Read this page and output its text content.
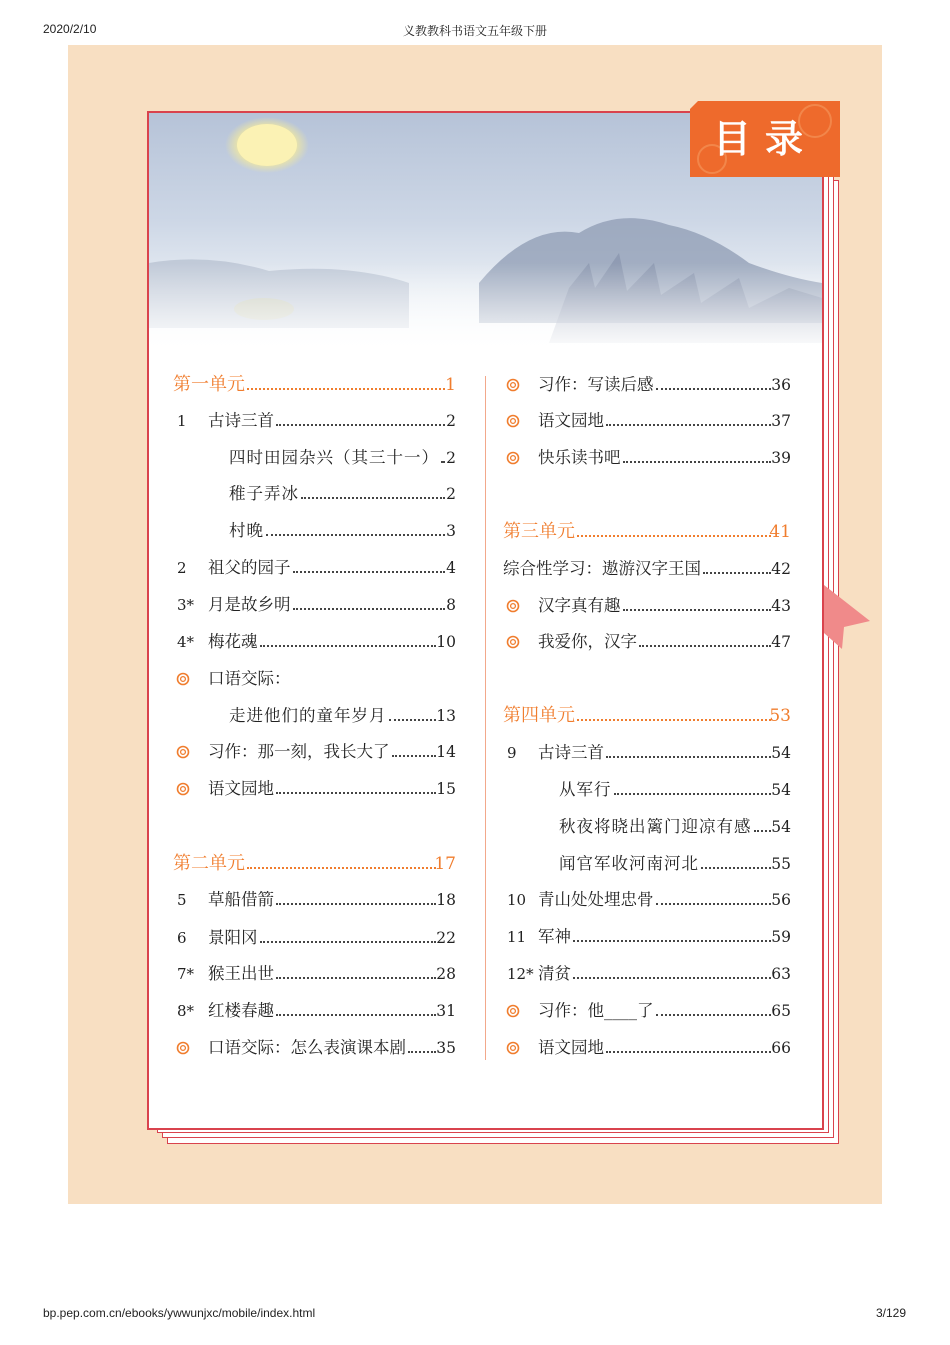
2020/2/10	义教教科书语文五年级下册
目录
第一单元	1
1 古诗三首	2
四时田园杂兴（其三十一） 2
稚子弄冰	2
村晚	3
2 祖父的园子	4
3* 月是故乡明	8
4* 梅花魂	10
口语交际：
走进他们的童年岁月	13
习作：那一刻，我长大了	14
语文园地	15
第二单元	17
5 草船借箭	18
6 景阳冈	22
7* 猴王出世	28
8* 红楼春趣	31
口语交际：怎么表演课本剧 35
习作：写读后感	36
语文园地	37
快乐读书吧	39
第三单元	41
综合性学习：遨游汉字王国	42
汉字真有趣	43
我爱你，汉字	47
第四单元	53
9 古诗三首	54
从军行	54
秋夜将晓出篱门迎凉有感 54
闻官军收河南河北	55
10 青山处处埋忠骨	56
11 军神	59
12* 清贫	63
习作：他____了	65
语文园地	66
bp.pep.com.cn/ebooks/ywwunjxc/mobile/index.html	3/129
